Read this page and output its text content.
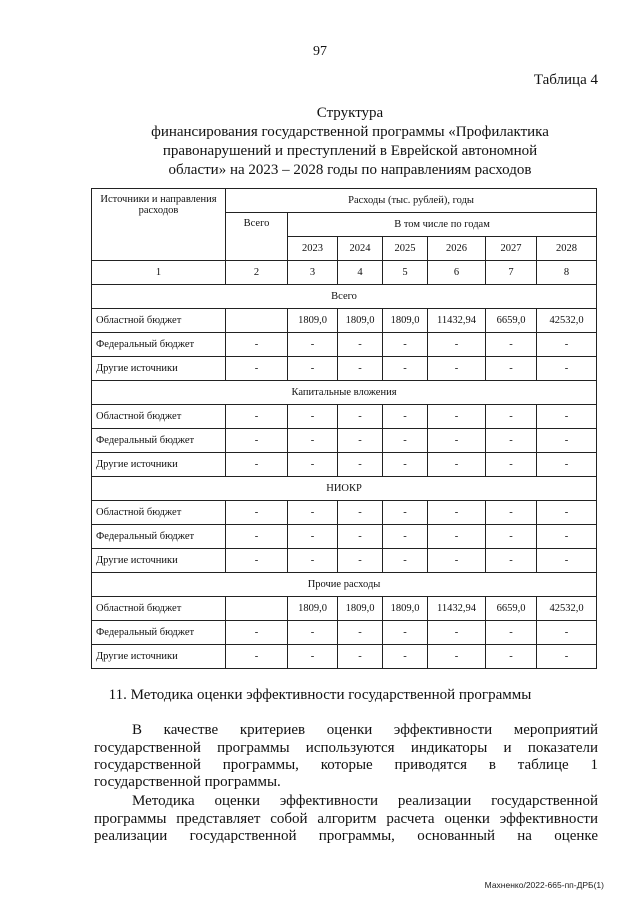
97
Таблица 4
Структура
финансирования государственной программы «Профилактика
правонарушений и преступлений в Еврейской автономной
области» на 2023 – 2028 годы по направлениям расходов
Источники и направления расходов	Расходы (тыс. рублей), годы						
	Всего	В том числе по годам					
		2023	2024	2025	2026	2027	2028
1	2	3	4	5	6	7	8
Всего							
Областной бюджет		1809,0	1809,0	1809,0	11432,94	6659,0	42532,0
Федеральный бюджет	-	-	-	-	-	-	-
Другие источники	-	-	-	-	-	-	-
Капитальные вложения							
Областной бюджет	-	-	-	-	-	-	-
Федеральный бюджет	-	-	-	-	-	-	-
Другие источники	-	-	-	-	-	-	-
НИОКР							
Областной бюджет	-	-	-	-	-	-	-
Федеральный бюджет	-	-	-	-	-	-	-
Другие источники	-	-	-	-	-	-	-
Прочие расходы							
Областной бюджет		1809,0	1809,0	1809,0	11432,94	6659,0	42532,0
Федеральный бюджет	-	-	-	-	-	-	-
Другие источники	-	-	-	-	-	-	-
11. Методика оценки эффективности государственной программы

В качестве критериев оценки эффективности мероприятий государственной программы используются индикаторы и показатели государственной программы, которые приводятся в таблице 1

государственной программы.

Методика оценки эффективности реализации государственной программы представляет собой алгоритм расчета оценки эффективности реализации государственной программы, основанный на оценке

Махненко/2022-665-пп-ДРБ(1)
